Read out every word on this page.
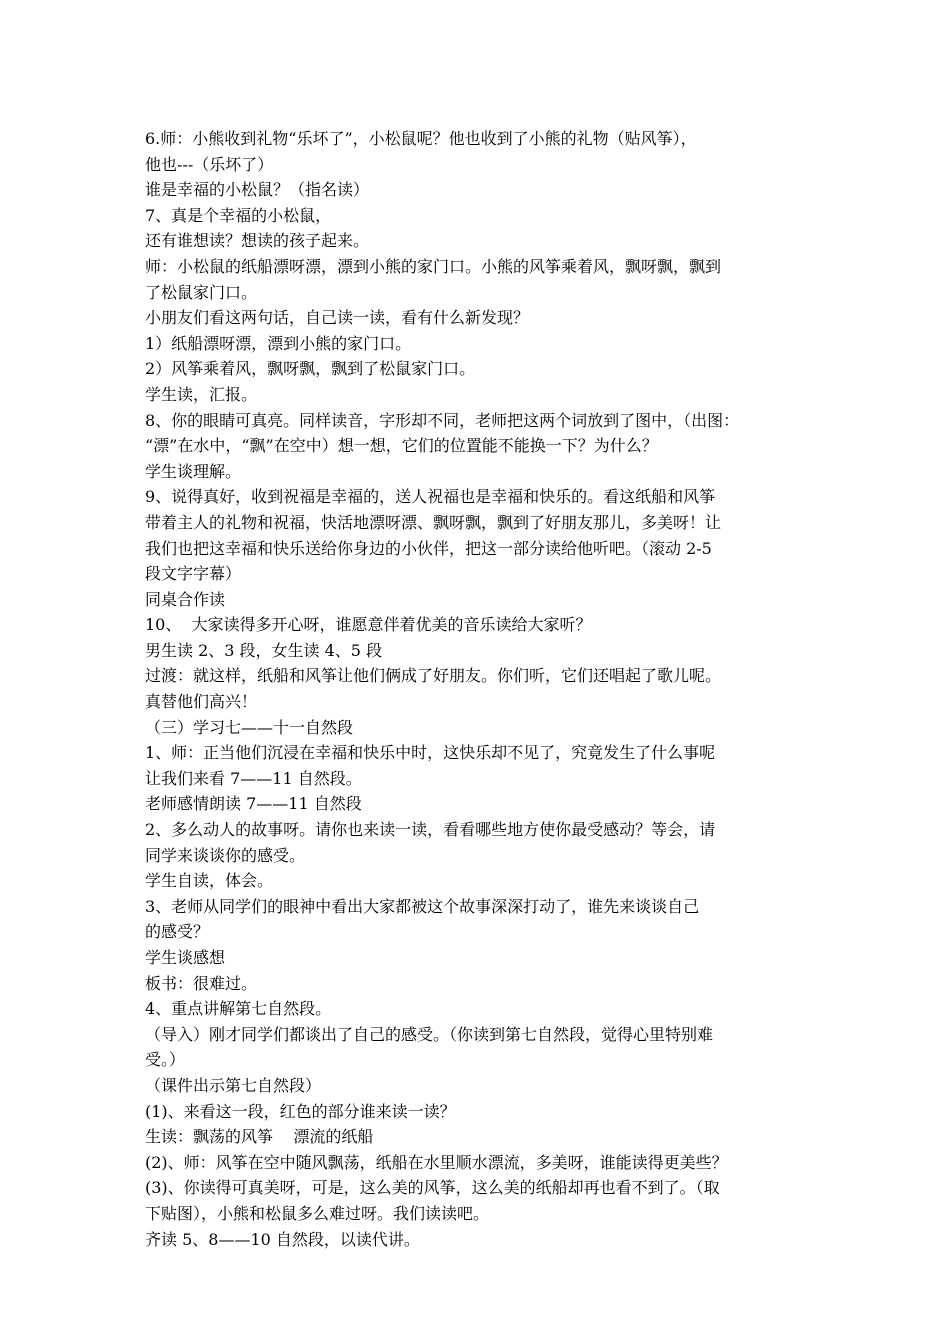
6.师：小熊收到礼物“乐坏了”，小松鼠呢？他也收到了小熊的礼物（贴风筝），
他也---（乐坏了）
谁是幸福的小松鼠？（指名读）
7、真是个幸福的小松鼠，
还有谁想读？想读的孩子起来。
师：小松鼠的纸船漂呀漂，漂到小熊的家门口。小熊的风筝乘着风，飘呀飘，飘到
了松鼠家门口。
小朋友们看这两句话，自己读一读，看有什么新发现？
1）纸船漂呀漂，漂到小熊的家门口。
2）风筝乘着风，飘呀飘，飘到了松鼠家门口。
学生读，汇报。
8、你的眼睛可真亮。同样读音，字形却不同，老师把这两个词放到了图中，（出图：
“漂”在水中，“飘”在空中）想一想，它们的位置能不能换一下？为什么？
学生谈理解。
9、说得真好，收到祝福是幸福的，送人祝福也是幸福和快乐的。看这纸船和风筝
带着主人的礼物和祝福，快活地漂呀漂、飘呀飘，飘到了好朋友那儿，多美呀！让
我们也把这幸福和快乐送给你身边的小伙伴，把这一部分读给他听吧。（滚动 2-5
段文字字幕）
同桌合作读
10、  大家读得多开心呀，谁愿意伴着优美的音乐读给大家听？
男生读 2、3 段，女生读 4、5 段
过渡：就这样，纸船和风筝让他们俩成了好朋友。你们听，它们还唱起了歌儿呢。
真替他们高兴！
（三）学习七——十一自然段
1、师：正当他们沉浸在幸福和快乐中时，这快乐却不见了，究竟发生了什么事呢
让我们来看 7——11 自然段。
老师感情朗读 7——11 自然段
2、多么动人的故事呀。请你也来读一读，看看哪些地方使你最受感动？等会，请
同学来谈谈你的感受。
学生自读，体会。
3、老师从同学们的眼神中看出大家都被这个故事深深打动了，谁先来谈谈自己
的感受？
学生谈感想
板书：很难过。
4、重点讲解第七自然段。
（导入）刚才同学们都谈出了自己的感受。（你读到第七自然段，觉得心里特别难
受。）
（课件出示第七自然段）
(1)、来看这一段，红色的部分谁来读一读？
生读：飘荡的风筝    漂流的纸船
(2)、师：风筝在空中随风飘荡，纸船在水里顺水漂流，多美呀，谁能读得更美些？
(3)、你读得可真美呀，可是，这么美的风筝，这么美的纸船却再也看不到了。（取
下贴图），小熊和松鼠多么难过呀。我们读读吧。
齐读 5、8——10 自然段，以读代讲。
